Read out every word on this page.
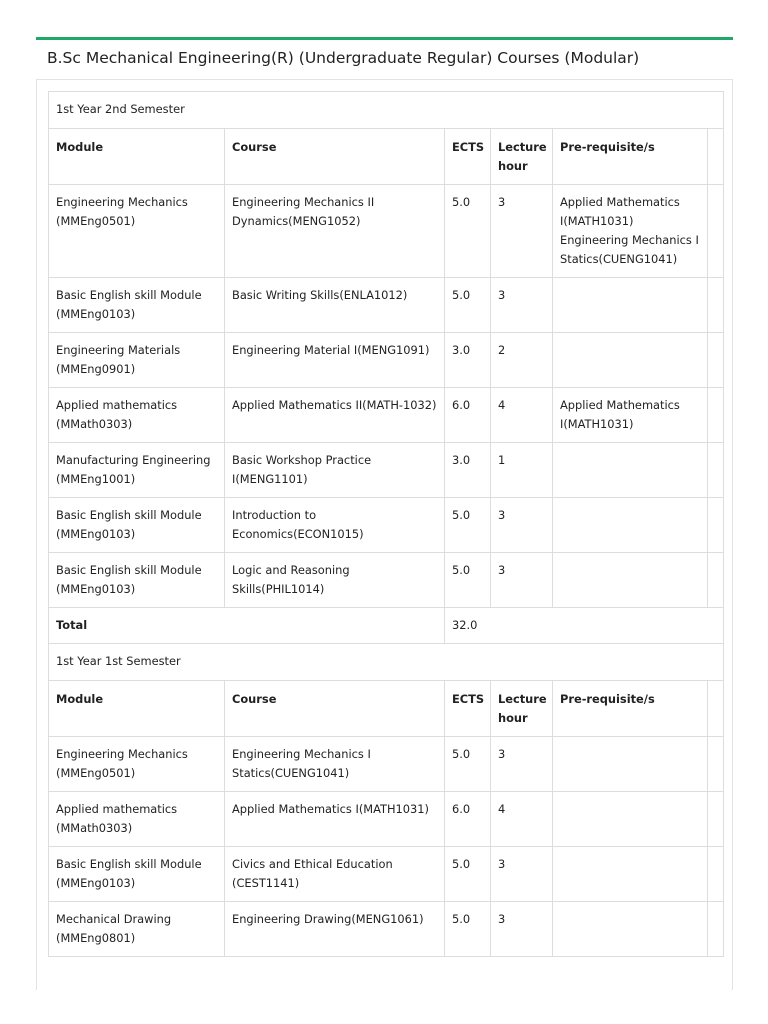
B.Sc Mechanical Engineering(R) (Undergraduate Regular) Courses (Modular)
1st Year 2nd Semester					
Module	Course	ECTS	Lecture hour	Pre-requisite/s	
Engineering Mechanics (MMEng0501)	Engineering Mechanics II Dynamics(MENG1052)	5.0	3	Applied Mathematics I(MATH1031)
Engineering Mechanics I Statics(CUENG1041)	

Basic English skill Module (MMEng0103)	Basic Writing Skills(ENLA1012)	5.0	3		
Engineering Materials (MMEng0901)	Engineering Material I(MENG1091)	3.0	2		
Applied mathematics (MMath0303)	Applied Mathematics II(MATH-1032)	6.0	4	Applied Mathematics I(MATH1031)	

Manufacturing Engineering (MMEng1001)	Basic Workshop Practice I(MENG1101)	3.0	1		
Basic English skill Module (MMEng0103)	Introduction to Economics(ECON1015)	5.0	3		
Basic English skill Module (MMEng0103)	Logic and Reasoning Skills(PHIL1014)	5.0	3		
Total		32.0			
1st Year 1st Semester					
Module	Course	ECTS	Lecture hour	Pre-requisite/s	
Engineering Mechanics (MMEng0501)	Engineering Mechanics I Statics(CUENG1041)	5.0	3		
Applied mathematics (MMath0303)	Applied Mathematics I(MATH1031)	6.0	4		
Basic English skill Module (MMEng0103)	Civics and Ethical Education (CEST1141)	5.0	3		
Mechanical Drawing (MMEng0801)	Engineering Drawing(MENG1061)	5.0	3		
